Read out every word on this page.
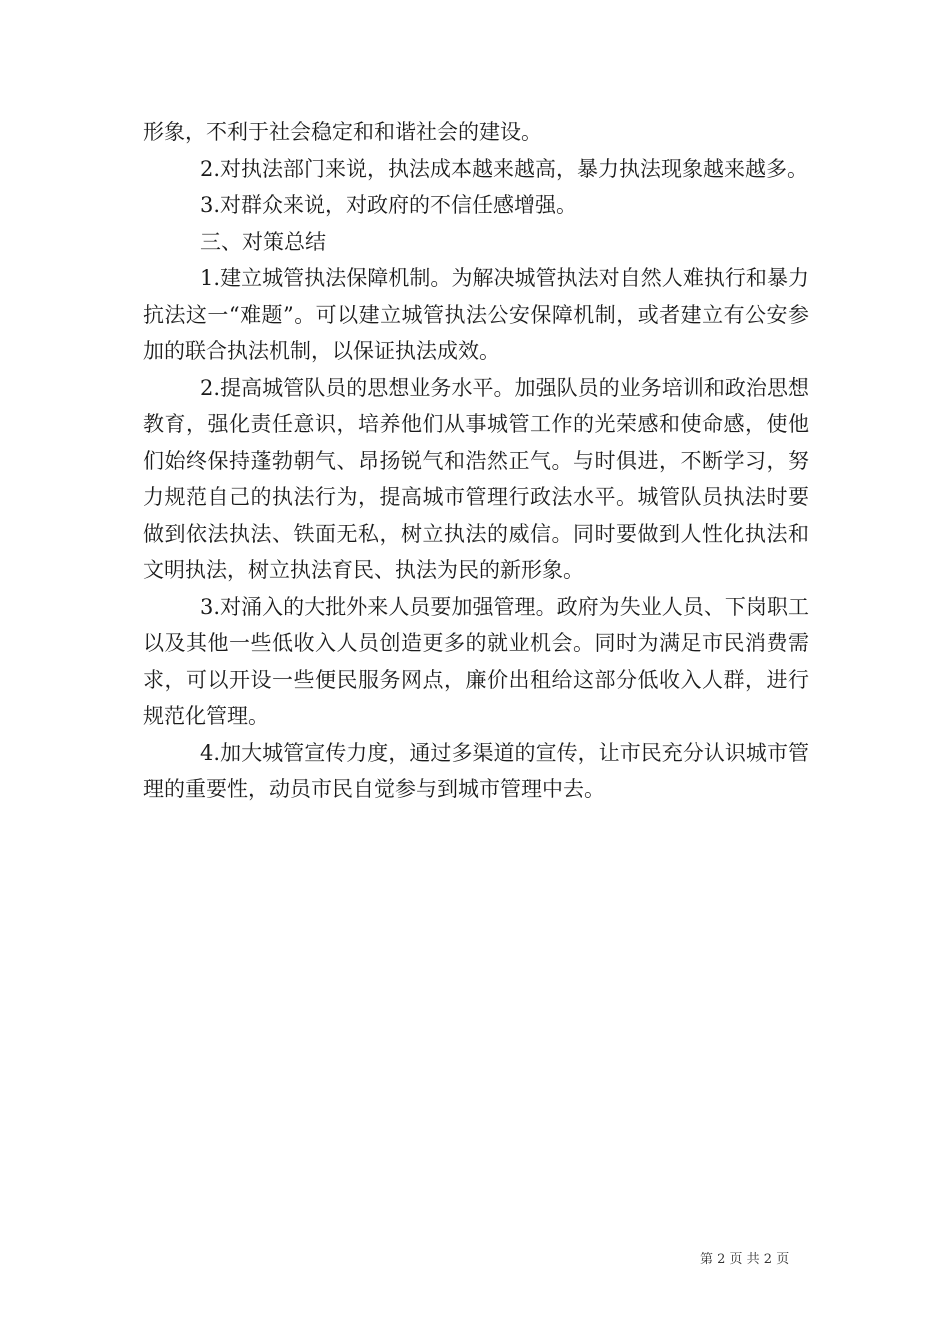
形象，不利于社会稳定和和谐社会的建设。

2.对执法部门来说，执法成本越来越高，暴力执法现象越来越多。

3.对群众来说，对政府的不信任感增强。

三、对策总结

1.建立城管执法保障机制。为解决城管执法对自然人难执行和暴力抗法这一“难题”。可以建立城管执法公安保障机制，或者建立有公安参加的联合执法机制，以保证执法成效。

2.提高城管队员的思想业务水平。加强队员的业务培训和政治思想教育，强化责任意识，培养他们从事城管工作的光荣感和使命感，使他们始终保持蓬勃朝气、昂扬锐气和浩然正气。与时俱进，不断学习，努力规范自己的执法行为，提高城市管理行政法水平。城管队员执法时要做到依法执法、铁面无私，树立执法的威信。同时要做到人性化执法和文明执法，树立执法育民、执法为民的新形象。

3.对涌入的大批外来人员要加强管理。政府为失业人员、下岗职工以及其他一些低收入人员创造更多的就业机会。同时为满足市民消费需求，可以开设一些便民服务网点，廉价出租给这部分低收入人群，进行规范化管理。

4.加大城管宣传力度，通过多渠道的宣传，让市民充分认识城市管理的重要性，动员市民自觉参与到城市管理中去。

第 2 页 共 2 页
